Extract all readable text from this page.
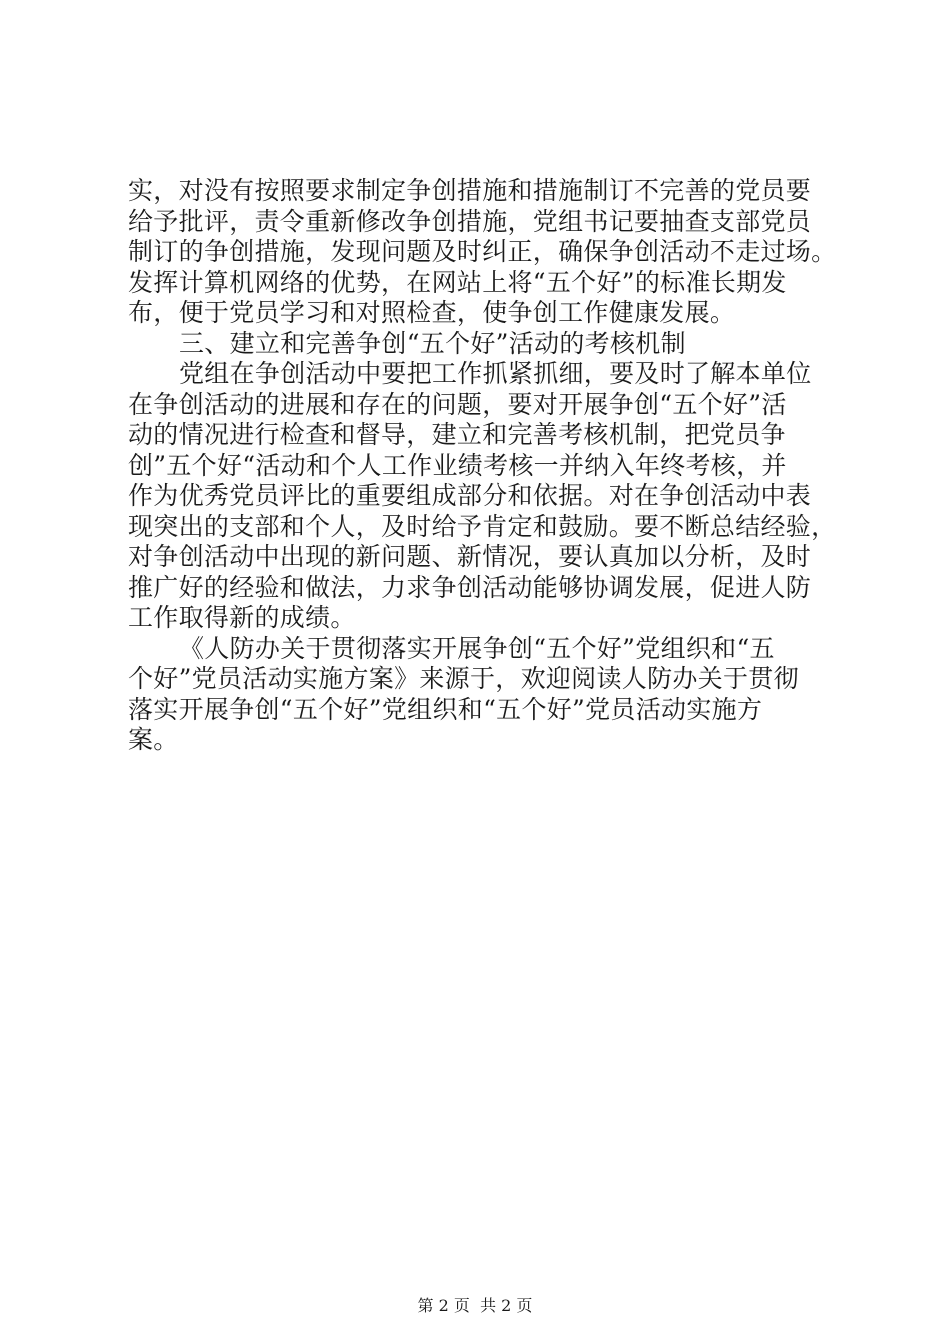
实，对没有按照要求制定争创措施和措施制订不完善的党员要
给予批评，责令重新修改争创措施，党组书记要抽查支部党员
制订的争创措施，发现问题及时纠正，确保争创活动不走过场。
发挥计算机网络的优势，在网站上将“五个好”的标准长期发
布，便于党员学习和对照检查，使争创工作健康发展。
三、建立和完善争创“五个好”活动的考核机制
党组在争创活动中要把工作抓紧抓细，要及时了解本单位
在争创活动的进展和存在的问题，要对开展争创“五个好”活
动的情况进行检查和督导，建立和完善考核机制，把党员争
创”五个好“活动和个人工作业绩考核一并纳入年终考核，并
作为优秀党员评比的重要组成部分和依据。对在争创活动中表
现突出的支部和个人，及时给予肯定和鼓励。要不断总结经验，
对争创活动中出现的新问题、新情况，要认真加以分析，及时
推广好的经验和做法，力求争创活动能够协调发展，促进人防
工作取得新的成绩。
《人防办关于贯彻落实开展争创“五个好”党组织和“五
个好”党员活动实施方案》来源于，欢迎阅读人防办关于贯彻
落实开展争创“五个好”党组织和“五个好”党员活动实施方
案。
第 2 页  共 2 页
